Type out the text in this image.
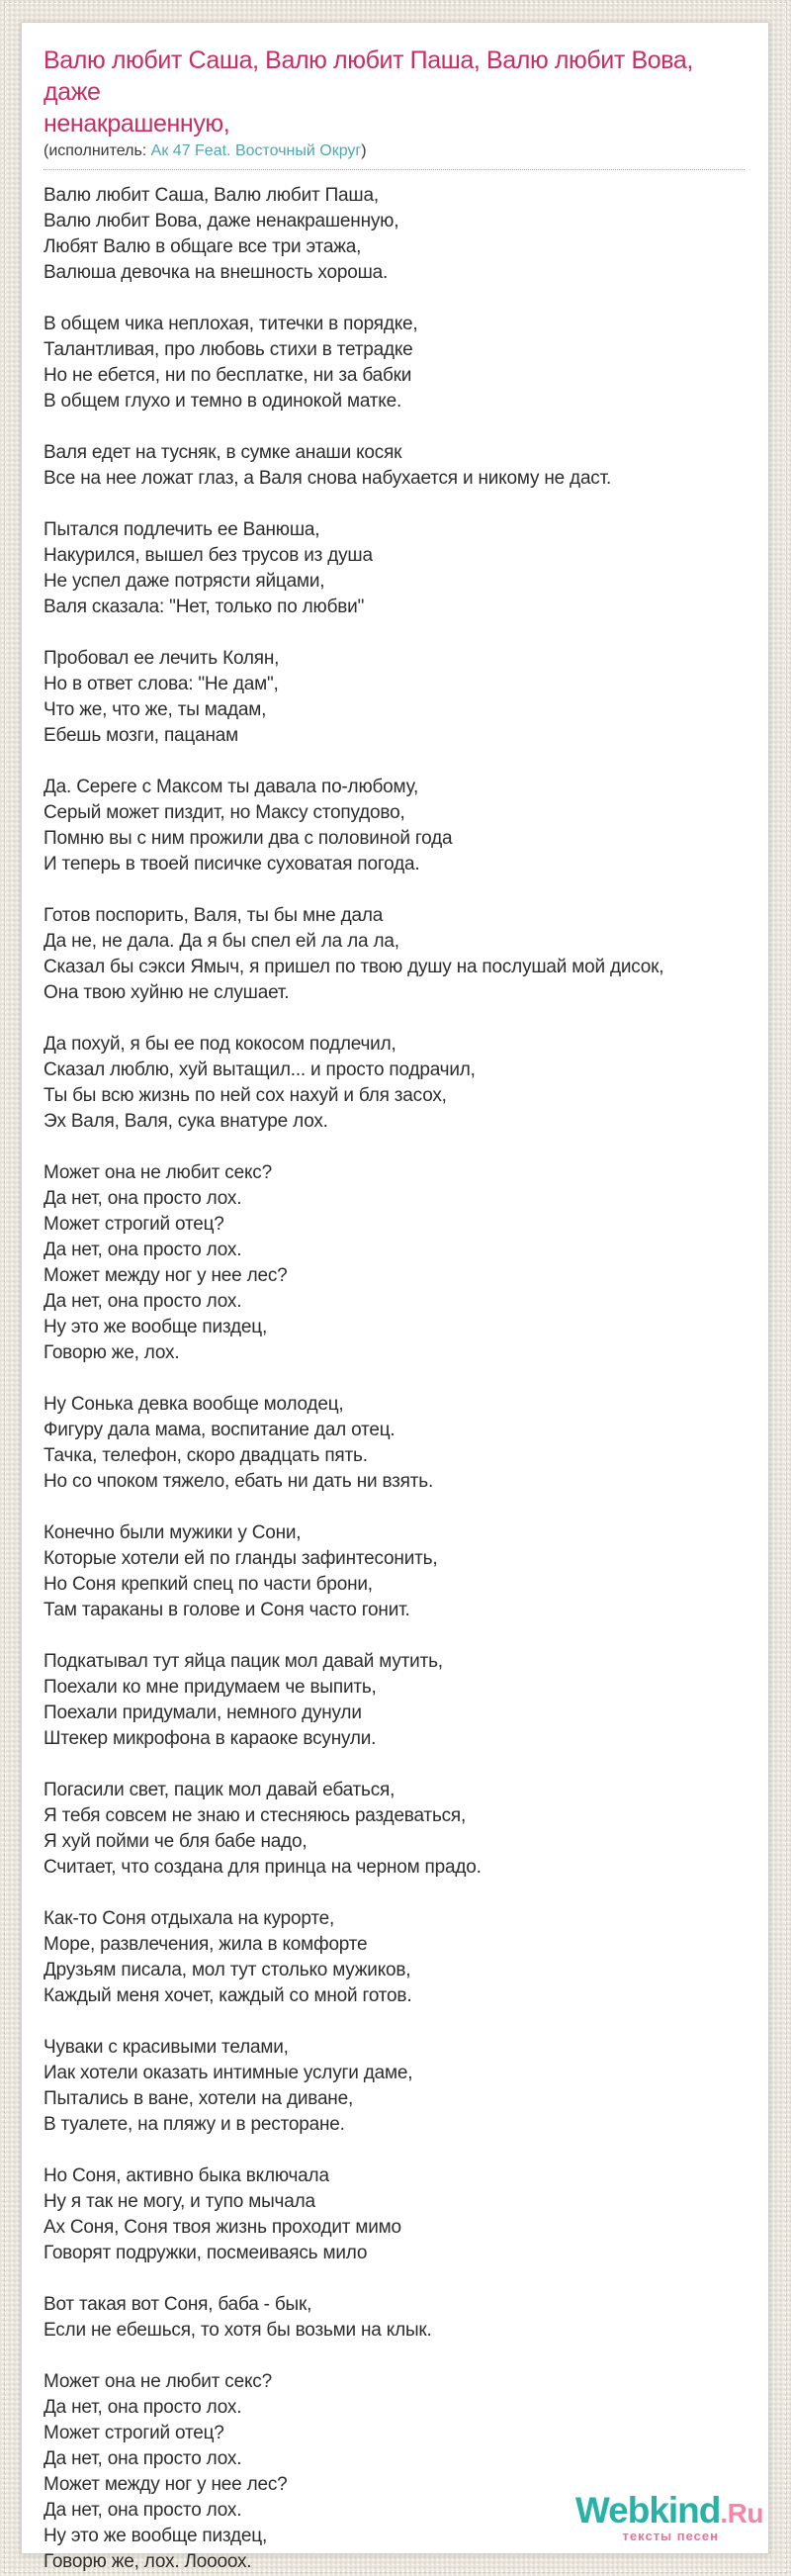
Валю любит Саша, Валю любит Паша, Валю любит Вова, даже
ненакрашенную,
(исполнитель: Ак 47 Feat. Восточный Округ)
Валю любит Саша, Валю любит Паша,
Валю любит Вова, даже ненакрашенную,
Любят Валю в общаге все три этажа,
Валюша девочка на внешность хороша.
В общем чика неплохая, титечки в порядке,
Талантливая, про любовь стихи в тетрадке
Но не ебется, ни по бесплатке, ни за бабки
В общем глухо и темно в одинокой матке.
Валя едет на тусняк, в сумке анаши косяк
Все на нее ложат глаз, а Валя снова набухается и никому не даст.
Пытался подлечить ее Ванюша,
Накурился, вышел без трусов из душа
Не успел даже потрясти яйцами,
Валя сказала: "Нет, только по любви"
Пробовал ее лечить Колян,
Но в ответ слова: "Не дам",
Что же, что же, ты мадам,
Ебешь мозги, пацанам
Да. Сереге с Максом ты давала по-любому,
Серый может пиздит, но Максу стопудово,
Помню вы с ним прожили два с половиной года
И теперь в твоей писичке суховатая погода.
Готов поспорить, Валя, ты бы мне дала
Да не, не дала. Да я бы спел ей ла ла ла,
Сказал бы сэкси Ямыч, я пришел по твою душу на послушай мой дисок,
Она твою хуйню не слушает.
Да похуй, я бы ее под кокосом подлечил,
Сказал люблю, хуй вытащил... и просто подрачил,
Ты бы всю жизнь по ней сох нахуй и бля засох,
Эх Валя, Валя, сука внатуре лох.
Может она не любит секс?
Да нет, она просто лох.
Может строгий отец?
Да нет, она просто лох.
Может между ног у нее лес?
Да нет, она просто лох.
Ну это же вообще пиздец,
Говорю же, лох.
Ну Сонька девка вообще молодец,
Фигуру дала мама, воспитание дал отец.
Тачка, телефон, скоро двадцать пять.
Но со чпоком тяжело, ебать ни дать ни взять.
Конечно были мужики у Сони,
Которые хотели ей по гланды зафинтесонить,
Но Соня крепкий спец по части брони,
Там тараканы в голове и Соня часто гонит.
Подкатывал тут яйца пацик мол давай мутить,
Поехали ко мне придумаем че выпить,
Поехали придумали, немного дунули
Штекер микрофона в караоке всунули.
Погасили свет, пацик мол давай ебаться,
Я тебя совсем не знаю и стесняюсь раздеваться,
Я хуй пойми че бля бабе надо,
Считает, что создана для принца на черном прадо.
Как-то Соня отдыхала на курорте,
Море, развлечения, жила в комфорте
Друзьям писала, мол тут столько мужиков,
Каждый меня хочет, каждый со мной готов.
Чуваки с красивыми телами,
Иак хотели оказать интимные услуги даме,
Пытались в ване, хотели на диване,
В туалете, на пляжу и в ресторане.
Но Соня, активно быка включала
Ну я так не могу, и тупо мычала
Ах Соня, Соня твоя жизнь проходит мимо
Говорят подружки, посмеиваясь мило
Вот такая вот Соня, баба - бык,
Если не ебешься, то хотя бы возьми на клык.
Может она не любит секс?
Да нет, она просто лох.
Может строгий отец?
Да нет, она просто лох.
Может между ног у нее лес?
Да нет, она просто лох.
Ну это же вообще пиздец,
Говорю же, лох. Лоооох.
Webkind.Ru
тексты песен
